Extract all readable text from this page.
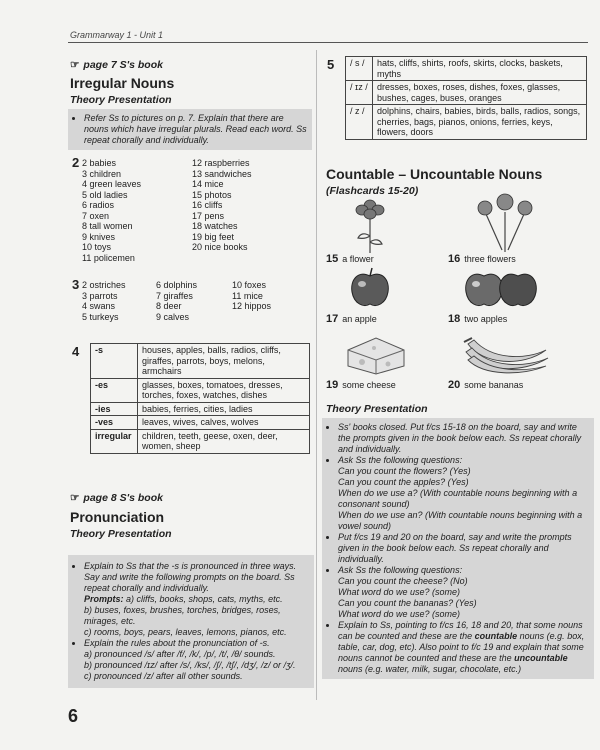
Grammarway 1 - Unit 1
☞ page 7 S's book
Irregular Nouns
Theory Presentation
• Refer Ss to pictures on p. 7. Explain that there are nouns which have irregular plurals. Read each word. Ss repeat chorally and individually.
2 2 babies
3 children
4 green leaves
5 old ladies
6 radios
7 oxen
8 tall women
9 knives
10 toys
11 policemen
12 raspberries
13 sandwiches
14 mice
15 photos
16 cliffs
17 pens
18 watches
19 big feet
20 nice books
3 2 ostriches
3 parrots
4 swans
5 turkeys
6 dolphins
7 giraffes
8 deer
9 calves
10 foxes
11 mice
12 hippos
4 -s	houses, apples, balls, radios, cliffs, giraffes, parrots, boys, melons, armchairs
-es	glasses, boxes, tomatoes, dresses, torches, foxes, watches, dishes
-ies	babies, ferries, cities, ladies
-ves	leaves, wives, calves, wolves
irregular	children, teeth, geese, oxen, deer, women, sheep
☞ page 8 S's book
Pronunciation
Theory Presentation
• Explain to Ss that the -s is pronounced in three ways. Say and write the following prompts on the board. Ss repeat chorally and individually.
Prompts: a) cliffs, books, shops, cats, myths, etc.
b) buses, foxes, brushes, torches, bridges, roses, mirages, etc.
c) rooms, boys, pears, leaves, lemons, pianos, etc.
• Explain the rules about the pronunciation of -s.
a) pronounced /s/ after /f/, /k/, /p/, /t/, /θ/ sounds.
b) pronounced /ɪz/ after /s/, /ks/, /ʃ/, /tʃ/, /dʒ/, /z/ or /ʒ/.
c) pronounced /z/ after all other sounds.
6
5 / s /	hats, cliffs, shirts, roofs, skirts, clocks, baskets, myths
/ ɪz /	dresses, boxes, roses, dishes, foxes, glasses, bushes, cages, buses, oranges
/ z /	dolphins, chairs, babies, birds, balls, radios, songs, cherries, bags, pianos, onions, ferries, keys, flowers, doors
Countable – Uncountable Nouns
(Flashcards 15-20)
15 a flower	16 three flowers
17 an apple	18 two apples
19 some cheese	20 some bananas
Theory Presentation
• Ss' books closed. Put f/cs 15-18 on the board, say and write the prompts given in the book below each. Ss repeat chorally and individually.
• Ask Ss the following questions:
Can you count the flowers? (Yes)
Can you count the apples? (Yes)
When do we use a? (With countable nouns beginning with a consonant sound)
When do we use an? (With countable nouns beginning with a vowel sound)
• Put f/cs 19 and 20 on the board, say and write the prompts given in the book below each. Ss repeat chorally and individually.
• Ask Ss the following questions:
Can you count the cheese? (No)
What word do we use? (some)
Can you count the bananas? (Yes)
What word do we use? (some)
• Explain to Ss, pointing to f/cs 16, 18 and 20, that some nouns can be counted and these are the countable nouns (e.g. box, table, car, dog, etc). Also point to f/c 19 and explain that some nouns cannot be counted and these are the uncountable nouns (e.g. water, milk, sugar, chocolate, etc.)
